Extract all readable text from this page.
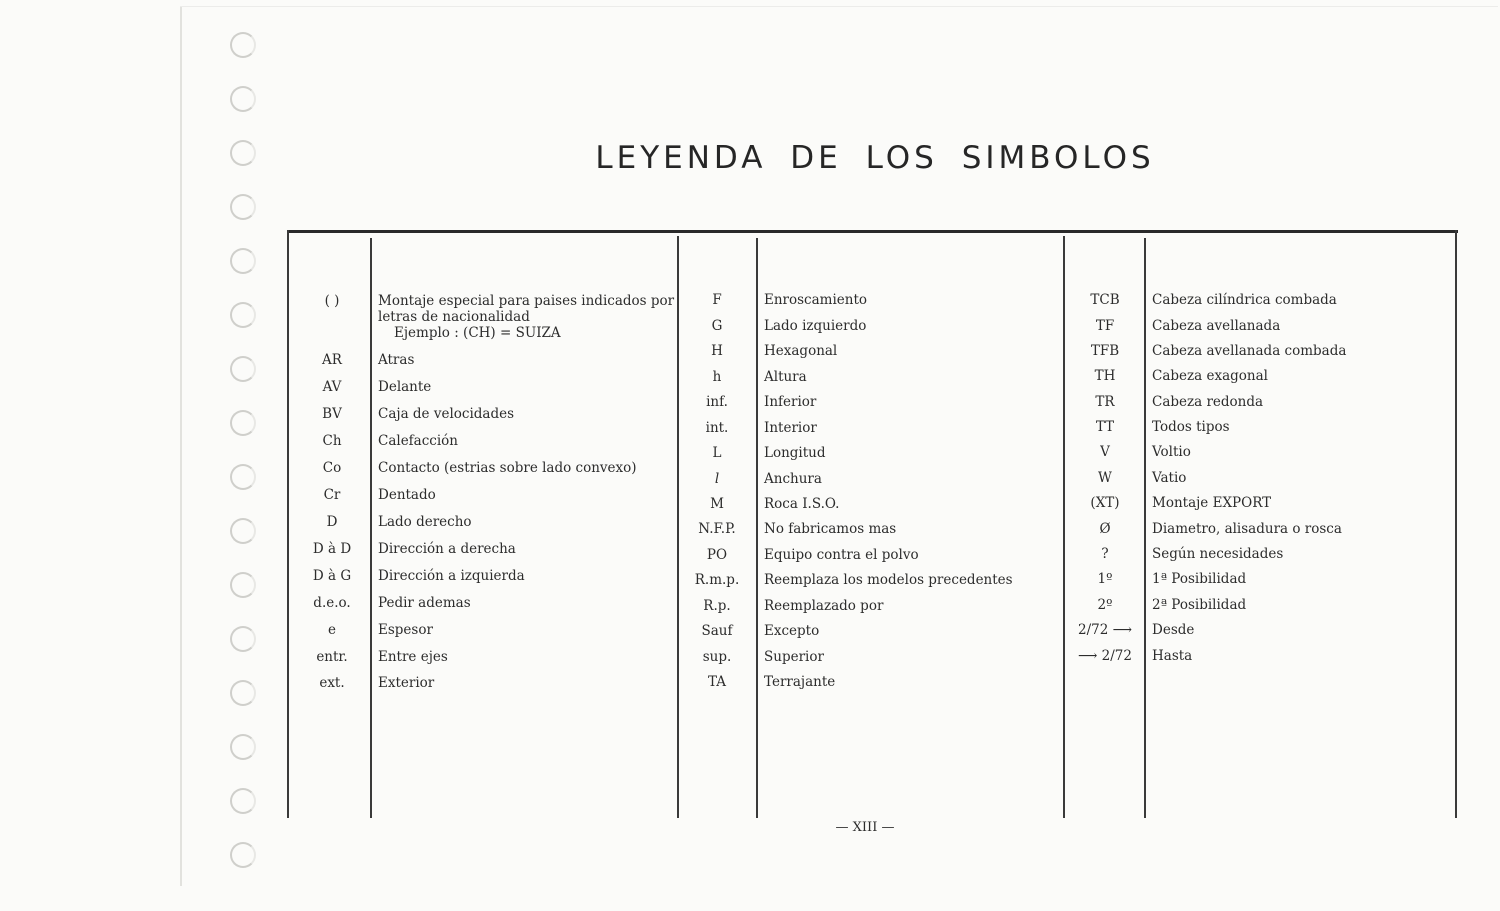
LEYENDA DE LOS SIMBOLOS
( )	Montaje especial para paises indicados por
letras de nacionalidad
Ejemplo : (CH) = SUIZA
AR	Atras
AV	Delante
BV	Caja de velocidades
Ch	Calefacción
Co	Contacto (estrias sobre lado convexo)
Cr	Dentado
D	Lado derecho
D à D	Dirección a derecha
D à G	Dirección a izquierda
d.e.o.	Pedir ademas
e	Espesor
entr.	Entre ejes
ext.	Exterior
F	Enroscamiento
G	Lado izquierdo
H	Hexagonal
h	Altura
inf.	Inferior
int.	Interior
L	Longitud
l	Anchura
M	Roca I.S.O.
N.F.P.	No fabricamos mas
PO	Equipo contra el polvo
R.m.p.	Reemplaza los modelos precedentes
R.p.	Reemplazado por
Sauf	Excepto
sup.	Superior
TA	Terrajante
TCB	Cabeza cilíndrica combada
TF	Cabeza avellanada
TFB	Cabeza avellanada combada
TH	Cabeza exagonal
TR	Cabeza redonda
TT	Todos tipos
V	Voltio
W	Vatio
(XT)	Montaje EXPORT
Ø	Diametro, alisadura o rosca
?	Según necesidades
1º	1ª Posibilidad
2º	2ª Posibilidad
2/72 ⟶	Desde
⟶ 2/72	Hasta
— XIII —
